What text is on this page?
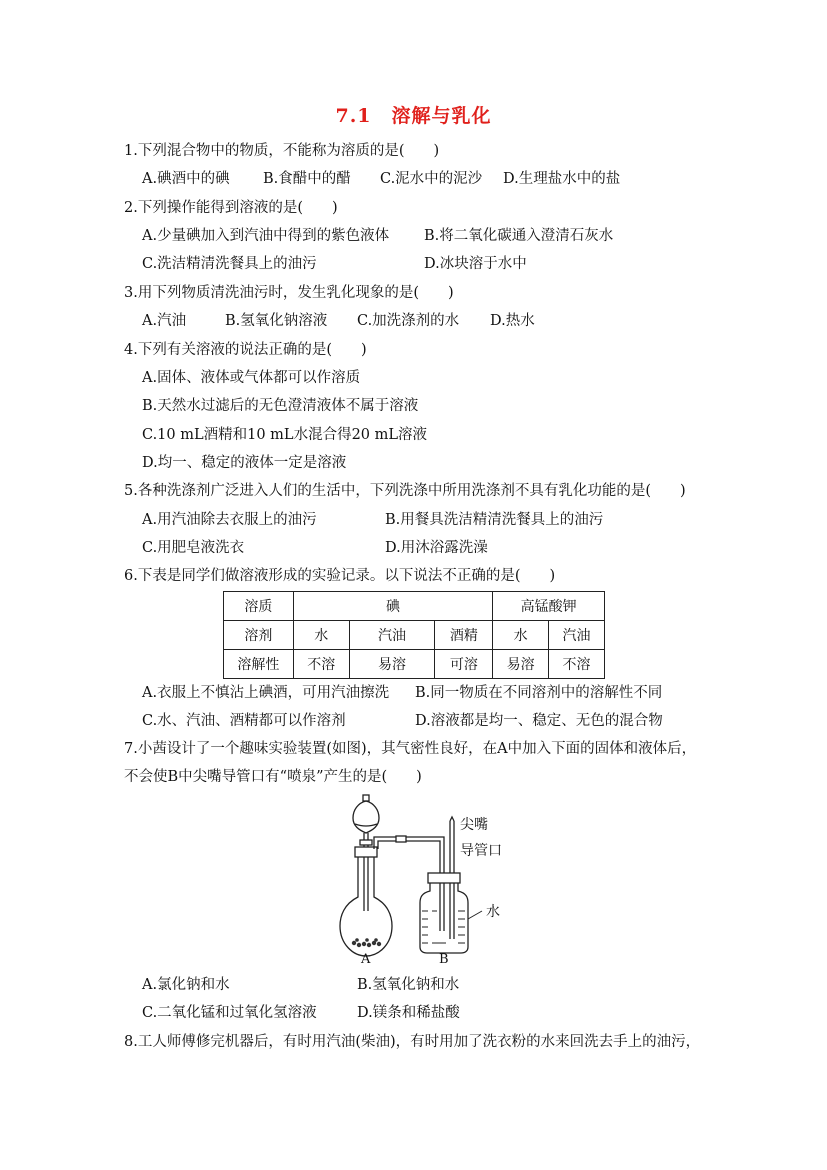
7.1　溶解与乳化
1.下列混合物中的物质，不能称为溶质的是(　　)
A.碘酒中的碘 B.食醋中的醋 C.泥水中的泥沙 D.生理盐水中的盐
2.下列操作能得到溶液的是(　　)
A.少量碘加入到汽油中得到的紫色液体 B.将二氧化碳通入澄清石灰水
C.洗洁精清洗餐具上的油污	D.冰块溶于水中
3.用下列物质清洗油污时，发生乳化现象的是(　　)
A.汽油	B.氢氧化钠溶液 C.加洗涤剂的水 D.热水
4.下列有关溶液的说法正确的是(　　)
A.固体、液体或气体都可以作溶质
B.天然水过滤后的无色澄清液体不属于溶液
C.10 mL酒精和10 mL水混合得20 mL溶液
D.均一、稳定的液体一定是溶液
5.各种洗涤剂广泛进入人们的生活中，下列洗涤中所用洗涤剂不具有乳化功能的是(　　)
A.用汽油除去衣服上的油污	B.用餐具洗洁精清洗餐具上的油污
C.用肥皂液洗衣	D.用沐浴露洗澡
6.下表是同学们做溶液形成的实验记录。以下说法不正确的是(　　)
溶质	碘			高锰酸钾	
溶剂	水	汽油	酒精	水	汽油
溶解性	不溶	易溶	可溶	易溶	不溶
A.衣服上不慎沾上碘酒，可用汽油擦洗 B.同一物质在不同溶剂中的溶解性不同
C.水、汽油、酒精都可以作溶剂	D.溶液都是均一、稳定、无色的混合物
7.小茜设计了一个趣味实验装置(如图)，其气密性良好，在A中加入下面的固体和液体后，
不会使B中尖嘴导管口有“喷泉”产生的是(　　)
尖嘴
导管口
水
A	B
A.氯化钠和水	B.氢氧化钠和水
C.二氧化锰和过氧化氢溶液	D.镁条和稀盐酸
8.工人师傅修完机器后，有时用汽油(柴油)，有时用加了洗衣粉的水来回洗去手上的油污，
